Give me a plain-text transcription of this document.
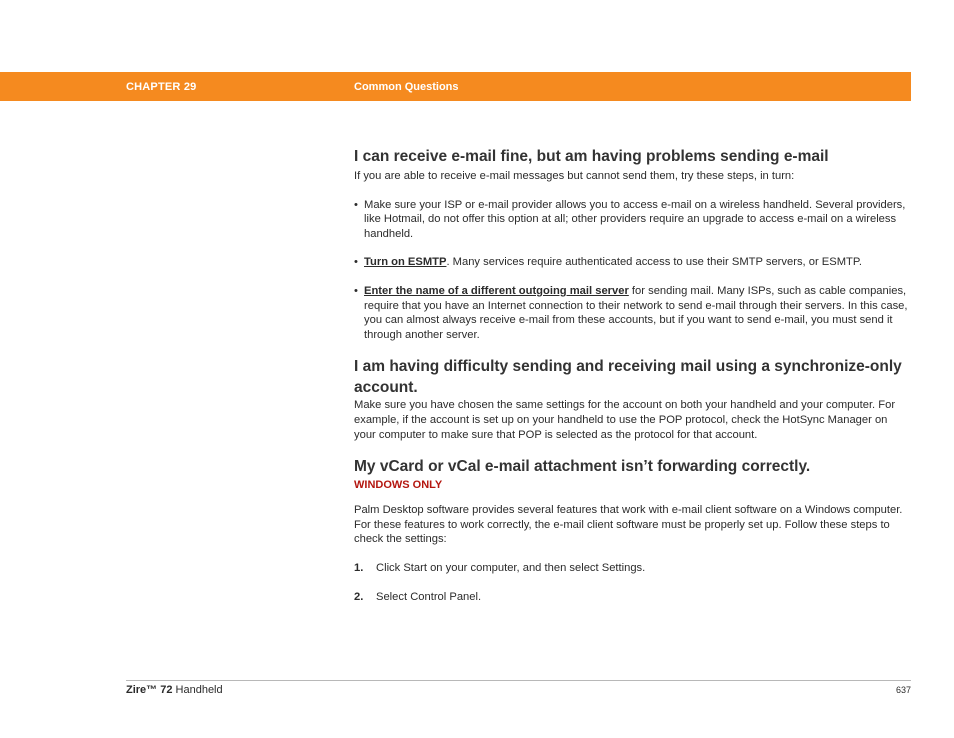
CHAPTER 29	Common Questions
I can receive e-mail fine, but am having problems sending e-mail

If you are able to receive e-mail messages but cannot send them, try these steps, in turn:

• Make sure your ISP or e-mail provider allows you to access e-mail on a wireless handheld. Several providers, like Hotmail, do not offer this option at all; other providers require an upgrade to access e-mail on a wireless handheld.
• Turn on ESMTP. Many services require authenticated access to use their SMTP servers, or ESMTP.
• Enter the name of a different outgoing mail server for sending mail. Many ISPs, such as cable companies, require that you have an Internet connection to their network to send e-mail through their servers. In this case, you can almost always receive e-mail from these accounts, but if you want to send e-mail, you must send it through another server.
I am having difficulty sending and receiving mail using a synchronize-only account.

Make sure you have chosen the same settings for the account on both your handheld and your computer. For example, if the account is set up on your handheld to use the POP protocol, check the HotSync Manager on your computer to make sure that POP is selected as the protocol for that account.

My vCard or vCal e-mail attachment isn’t forwarding correctly.
WINDOWS ONLY

Palm Desktop software provides several features that work with e-mail client software on a Windows computer. For these features to work correctly, the e-mail client software must be properly set up. Follow these steps to check the settings:

1. Click Start on your computer, and then select Settings.
2. Select Control Panel.
Zire™ 72 Handheld	637
